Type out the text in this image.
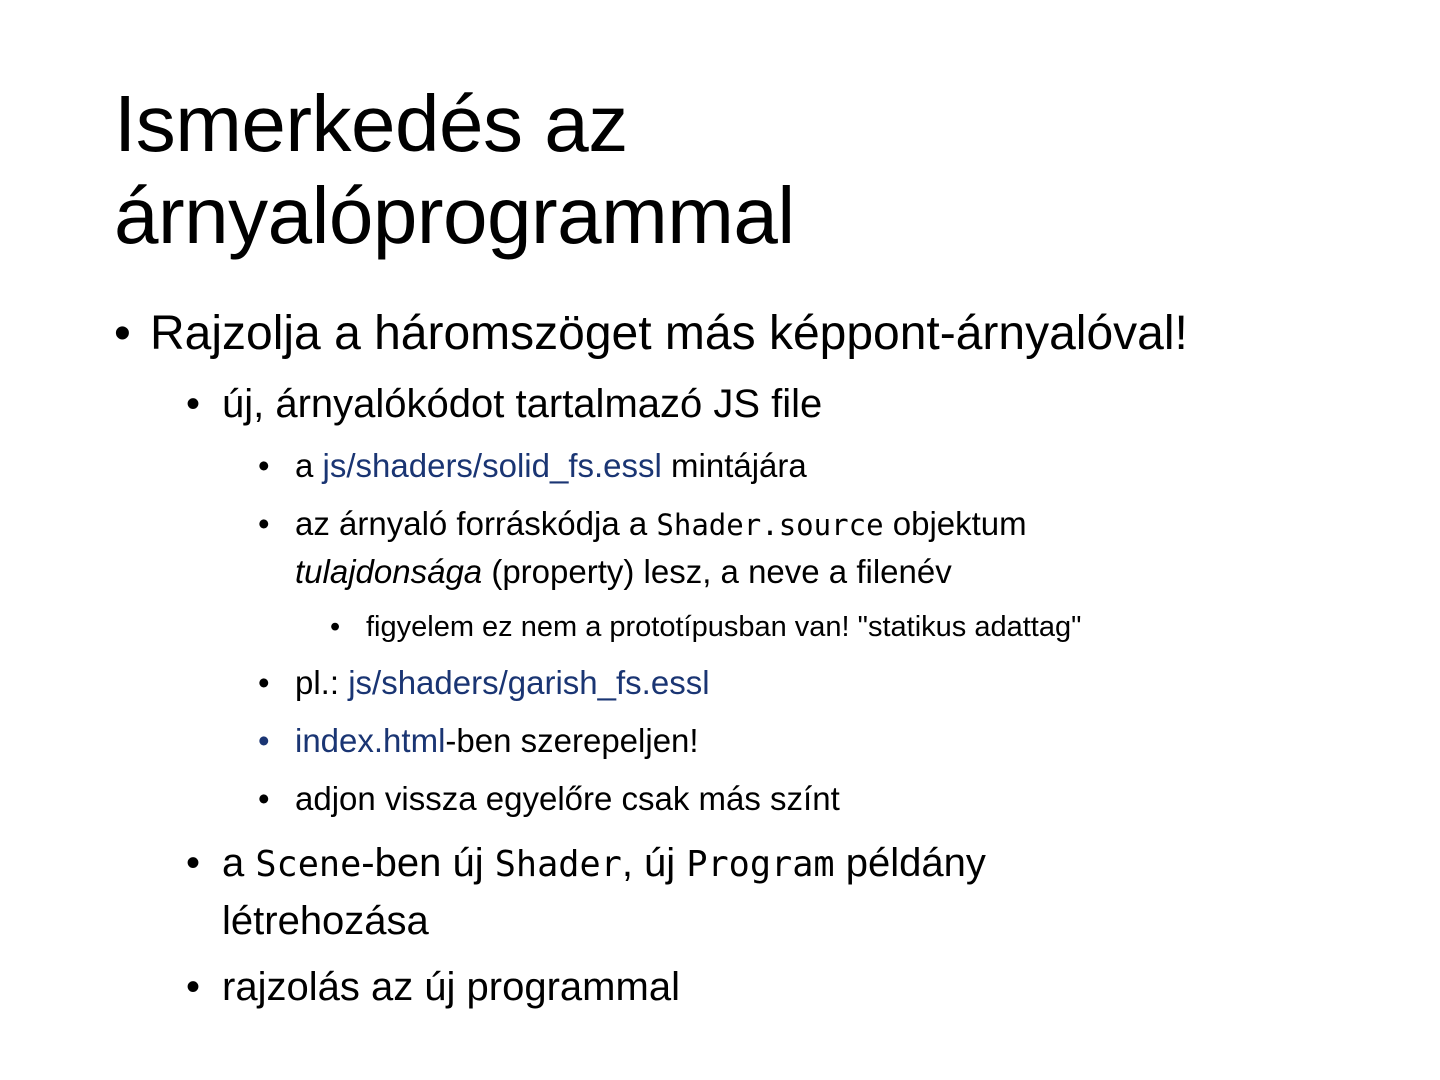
Ismerkedés az
árnyalóprogrammal
• Rajzolja a háromszöget más képpont-árnyalóval!
• új, árnyalókódot tartalmazó JS file
• a js/shaders/solid_fs.essl mintájára
• az árnyaló forráskódja a Shader.source objektum
tulajdonsága (property) lesz, a neve a filenév
• figyelem ez nem a prototípusban van! "statikus adattag"
• pl.: js/shaders/garish_fs.essl
• index.html-ben szerepeljen!
• adjon vissza egyelőre csak más színt
• a Scene-ben új Shader, új Program példány
létrehozása
• rajzolás az új programmal
